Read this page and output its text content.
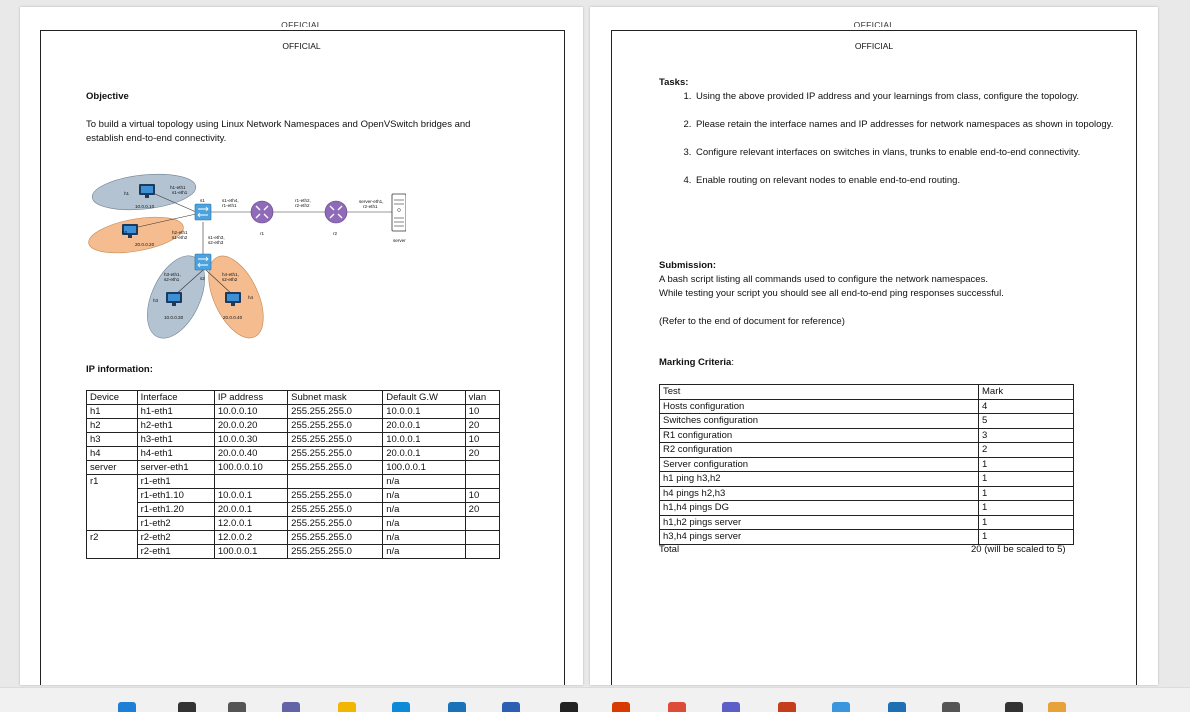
OFFICIAL
OFFICIAL
Objective
To build a virtual topology using Linux Network Namespaces and OpenVSwitch bridges and
establish end-to-end connectivity.
h1
10.0.0.10
h1-eth1
s1-eth1
s1
h2
20.0.0.20
h2-eth1
s1-eth2
s1-eth4,
r1-eth1
r1
r1-eth2,
r2-eth2
r2
server-eth1,
r2-eth1
server
s1-eth3,
s2-eth3
s2
h3-eth1,
s2-eth1
h3
10.0.0.30
h4-eth1,
s2-eth2
h4
20.0.0.40
IP information:
Device	Interface	IP address	Subnet mask	Default G.W	vlan
h1	h1-eth1	10.0.0.10	255.255.255.0	10.0.0.1	10
h2	h2-eth1	20.0.0.20	255.255.255.0	20.0.0.1	20
h3	h3-eth1	10.0.0.30	255.255.255.0	10.0.0.1	10
h4	h4-eth1	20.0.0.40	255.255.255.0	20.0.0.1	20
server	server-eth1	100.0.0.10	255.255.255.0	100.0.0.1	
r1	r1-eth1			n/a	
	r1-eth1.10	10.0.0.1	255.255.255.0	n/a	10
	r1-eth1.20	20.0.0.1	255.255.255.0	n/a	20
	r1-eth2	12.0.0.1	255.255.255.0	n/a	
r2	r2-eth2	12.0.0.2	255.255.255.0	n/a	
	r2-eth1	100.0.0.1	255.255.255.0	n/a	
OFFICIAL
OFFICIAL
Tasks:
1. Using the above provided IP address and your learnings from class, configure the topology.
2. Please retain the interface names and IP addresses for network namespaces as shown in topology.
3. Configure relevant interfaces on switches in vlans, trunks to enable end-to-end connectivity.
4. Enable routing on relevant nodes to enable end-to-end routing.
Submission:
A bash script listing all commands used to configure the network namespaces.
While testing your script you should see all end-to-end ping responses successful.
(Refer to the end of document for reference)
Marking Criteria:
Test	Mark
Hosts configuration	4
Switches configuration	5
R1 configuration	3
R2 configuration	2
Server configuration	1
h1 ping h3,h2	1
h4 pings h2,h3	1
h1,h4 pings DG	1
h1,h2 pings server	1
h3,h4 pings server	1
Total	20 (will be scaled to 5)
